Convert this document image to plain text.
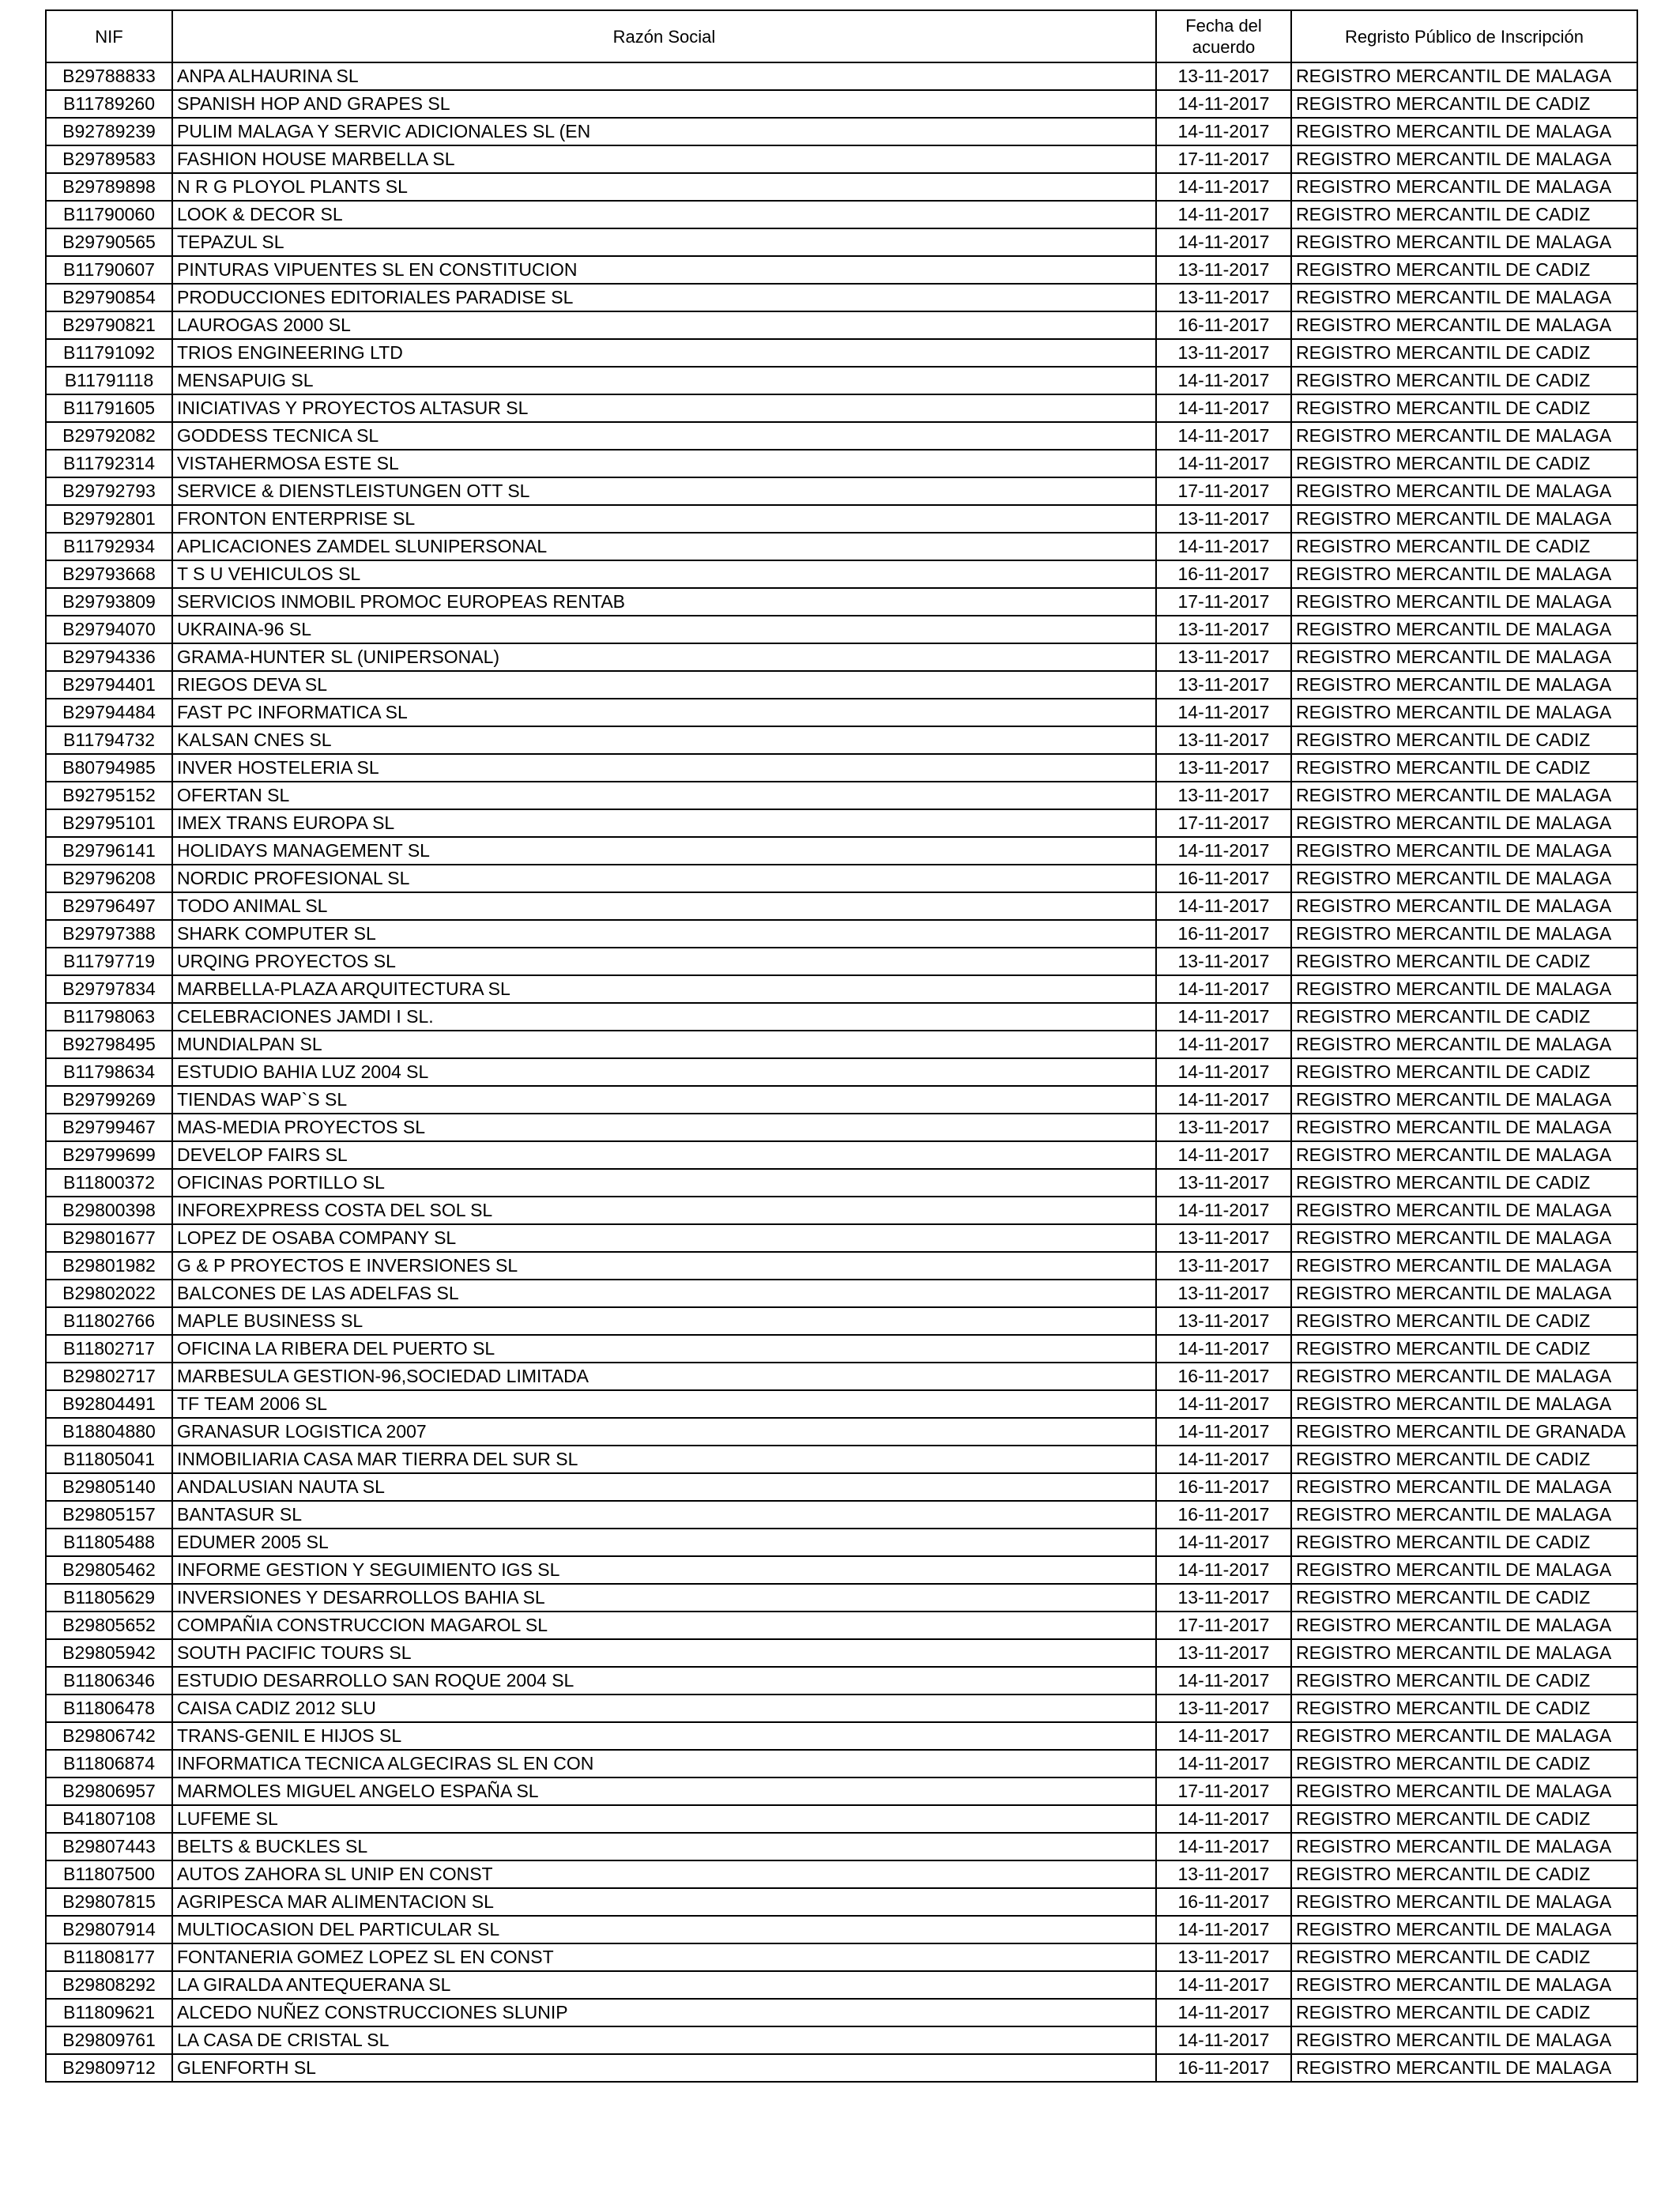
NIF	Razón Social	Fecha del acuerdo	Regristo Público de Inscripción
B29788833	ANPA ALHAURINA SL	13-11-2017	REGISTRO MERCANTIL DE MALAGA
B11789260	SPANISH HOP AND GRAPES SL	14-11-2017	REGISTRO MERCANTIL DE CADIZ
B92789239	PULIM MALAGA Y SERVIC ADICIONALES SL (EN	14-11-2017	REGISTRO MERCANTIL DE MALAGA
B29789583	FASHION HOUSE MARBELLA SL	17-11-2017	REGISTRO MERCANTIL DE MALAGA
B29789898	N R G PLOYOL PLANTS SL	14-11-2017	REGISTRO MERCANTIL DE MALAGA
B11790060	LOOK & DECOR SL	14-11-2017	REGISTRO MERCANTIL DE CADIZ
B29790565	TEPAZUL SL	14-11-2017	REGISTRO MERCANTIL DE MALAGA
B11790607	PINTURAS VIPUENTES SL EN CONSTITUCION	13-11-2017	REGISTRO MERCANTIL DE CADIZ
B29790854	PRODUCCIONES EDITORIALES PARADISE SL	13-11-2017	REGISTRO MERCANTIL DE MALAGA
B29790821	LAUROGAS 2000 SL	16-11-2017	REGISTRO MERCANTIL DE MALAGA
B11791092	TRIOS ENGINEERING LTD	13-11-2017	REGISTRO MERCANTIL DE CADIZ
B11791118	MENSAPUIG SL	14-11-2017	REGISTRO MERCANTIL DE CADIZ
B11791605	INICIATIVAS Y PROYECTOS ALTASUR SL	14-11-2017	REGISTRO MERCANTIL DE CADIZ
B29792082	GODDESS TECNICA SL	14-11-2017	REGISTRO MERCANTIL DE MALAGA
B11792314	VISTAHERMOSA ESTE SL	14-11-2017	REGISTRO MERCANTIL DE CADIZ
B29792793	SERVICE & DIENSTLEISTUNGEN OTT SL	17-11-2017	REGISTRO MERCANTIL DE MALAGA
B29792801	FRONTON ENTERPRISE SL	13-11-2017	REGISTRO MERCANTIL DE MALAGA
B11792934	APLICACIONES ZAMDEL SLUNIPERSONAL	14-11-2017	REGISTRO MERCANTIL DE CADIZ
B29793668	T S U VEHICULOS SL	16-11-2017	REGISTRO MERCANTIL DE MALAGA
B29793809	SERVICIOS INMOBIL PROMOC EUROPEAS RENTAB	17-11-2017	REGISTRO MERCANTIL DE MALAGA
B29794070	UKRAINA-96 SL	13-11-2017	REGISTRO MERCANTIL DE MALAGA
B29794336	GRAMA-HUNTER SL (UNIPERSONAL)	13-11-2017	REGISTRO MERCANTIL DE MALAGA
B29794401	RIEGOS DEVA SL	13-11-2017	REGISTRO MERCANTIL DE MALAGA
B29794484	FAST PC INFORMATICA SL	14-11-2017	REGISTRO MERCANTIL DE MALAGA
B11794732	KALSAN CNES SL	13-11-2017	REGISTRO MERCANTIL DE CADIZ
B80794985	INVER HOSTELERIA SL	13-11-2017	REGISTRO MERCANTIL DE CADIZ
B92795152	OFERTAN SL	13-11-2017	REGISTRO MERCANTIL DE MALAGA
B29795101	IMEX TRANS EUROPA SL	17-11-2017	REGISTRO MERCANTIL DE MALAGA
B29796141	HOLIDAYS MANAGEMENT SL	14-11-2017	REGISTRO MERCANTIL DE MALAGA
B29796208	NORDIC PROFESIONAL SL	16-11-2017	REGISTRO MERCANTIL DE MALAGA
B29796497	TODO ANIMAL SL	14-11-2017	REGISTRO MERCANTIL DE MALAGA
B29797388	SHARK COMPUTER SL	16-11-2017	REGISTRO MERCANTIL DE MALAGA
B11797719	URQING PROYECTOS SL	13-11-2017	REGISTRO MERCANTIL DE CADIZ
B29797834	MARBELLA-PLAZA ARQUITECTURA SL	14-11-2017	REGISTRO MERCANTIL DE MALAGA
B11798063	CELEBRACIONES JAMDI I SL.	14-11-2017	REGISTRO MERCANTIL DE CADIZ
B92798495	MUNDIALPAN SL	14-11-2017	REGISTRO MERCANTIL DE MALAGA
B11798634	ESTUDIO BAHIA LUZ 2004 SL	14-11-2017	REGISTRO MERCANTIL DE CADIZ
B29799269	TIENDAS WAP`S SL	14-11-2017	REGISTRO MERCANTIL DE MALAGA
B29799467	MAS-MEDIA PROYECTOS SL	13-11-2017	REGISTRO MERCANTIL DE MALAGA
B29799699	DEVELOP FAIRS SL	14-11-2017	REGISTRO MERCANTIL DE MALAGA
B11800372	OFICINAS PORTILLO SL	13-11-2017	REGISTRO MERCANTIL DE CADIZ
B29800398	INFOREXPRESS COSTA DEL SOL SL	14-11-2017	REGISTRO MERCANTIL DE MALAGA
B29801677	LOPEZ DE OSABA COMPANY SL	13-11-2017	REGISTRO MERCANTIL DE MALAGA
B29801982	G & P PROYECTOS E INVERSIONES SL	13-11-2017	REGISTRO MERCANTIL DE MALAGA
B29802022	BALCONES DE LAS ADELFAS SL	13-11-2017	REGISTRO MERCANTIL DE MALAGA
B11802766	MAPLE BUSINESS SL	13-11-2017	REGISTRO MERCANTIL DE CADIZ
B11802717	OFICINA LA RIBERA DEL PUERTO SL	14-11-2017	REGISTRO MERCANTIL DE CADIZ
B29802717	MARBESULA GESTION-96,SOCIEDAD LIMITADA	16-11-2017	REGISTRO MERCANTIL DE MALAGA
B92804491	TF TEAM 2006 SL	14-11-2017	REGISTRO MERCANTIL DE MALAGA
B18804880	GRANASUR LOGISTICA 2007	14-11-2017	REGISTRO MERCANTIL DE GRANADA
B11805041	INMOBILIARIA CASA MAR TIERRA DEL SUR SL	14-11-2017	REGISTRO MERCANTIL DE CADIZ
B29805140	ANDALUSIAN NAUTA SL	16-11-2017	REGISTRO MERCANTIL DE MALAGA
B29805157	BANTASUR SL	16-11-2017	REGISTRO MERCANTIL DE MALAGA
B11805488	EDUMER 2005 SL	14-11-2017	REGISTRO MERCANTIL DE CADIZ
B29805462	INFORME GESTION Y SEGUIMIENTO IGS SL	14-11-2017	REGISTRO MERCANTIL DE MALAGA
B11805629	INVERSIONES Y DESARROLLOS BAHIA SL	13-11-2017	REGISTRO MERCANTIL DE CADIZ
B29805652	COMPAÑIA CONSTRUCCION MAGAROL SL	17-11-2017	REGISTRO MERCANTIL DE MALAGA
B29805942	SOUTH PACIFIC TOURS SL	13-11-2017	REGISTRO MERCANTIL DE MALAGA
B11806346	ESTUDIO DESARROLLO SAN ROQUE 2004 SL	14-11-2017	REGISTRO MERCANTIL DE CADIZ
B11806478	CAISA CADIZ 2012 SLU	13-11-2017	REGISTRO MERCANTIL DE CADIZ
B29806742	TRANS-GENIL E HIJOS SL	14-11-2017	REGISTRO MERCANTIL DE MALAGA
B11806874	INFORMATICA TECNICA ALGECIRAS SL EN CON	14-11-2017	REGISTRO MERCANTIL DE CADIZ
B29806957	MARMOLES MIGUEL ANGELO ESPAÑA SL	17-11-2017	REGISTRO MERCANTIL DE MALAGA
B41807108	LUFEME SL	14-11-2017	REGISTRO MERCANTIL DE CADIZ
B29807443	BELTS & BUCKLES SL	14-11-2017	REGISTRO MERCANTIL DE MALAGA
B11807500	AUTOS ZAHORA SL UNIP EN CONST	13-11-2017	REGISTRO MERCANTIL DE CADIZ
B29807815	AGRIPESCA MAR ALIMENTACION SL	16-11-2017	REGISTRO MERCANTIL DE MALAGA
B29807914	MULTIOCASION DEL PARTICULAR SL	14-11-2017	REGISTRO MERCANTIL DE MALAGA
B11808177	FONTANERIA GOMEZ LOPEZ SL EN CONST	13-11-2017	REGISTRO MERCANTIL DE CADIZ
B29808292	LA GIRALDA ANTEQUERANA SL	14-11-2017	REGISTRO MERCANTIL DE MALAGA
B11809621	ALCEDO NUÑEZ CONSTRUCCIONES SLUNIP	14-11-2017	REGISTRO MERCANTIL DE CADIZ
B29809761	LA CASA DE CRISTAL SL	14-11-2017	REGISTRO MERCANTIL DE MALAGA
B29809712	GLENFORTH SL	16-11-2017	REGISTRO MERCANTIL DE MALAGA
